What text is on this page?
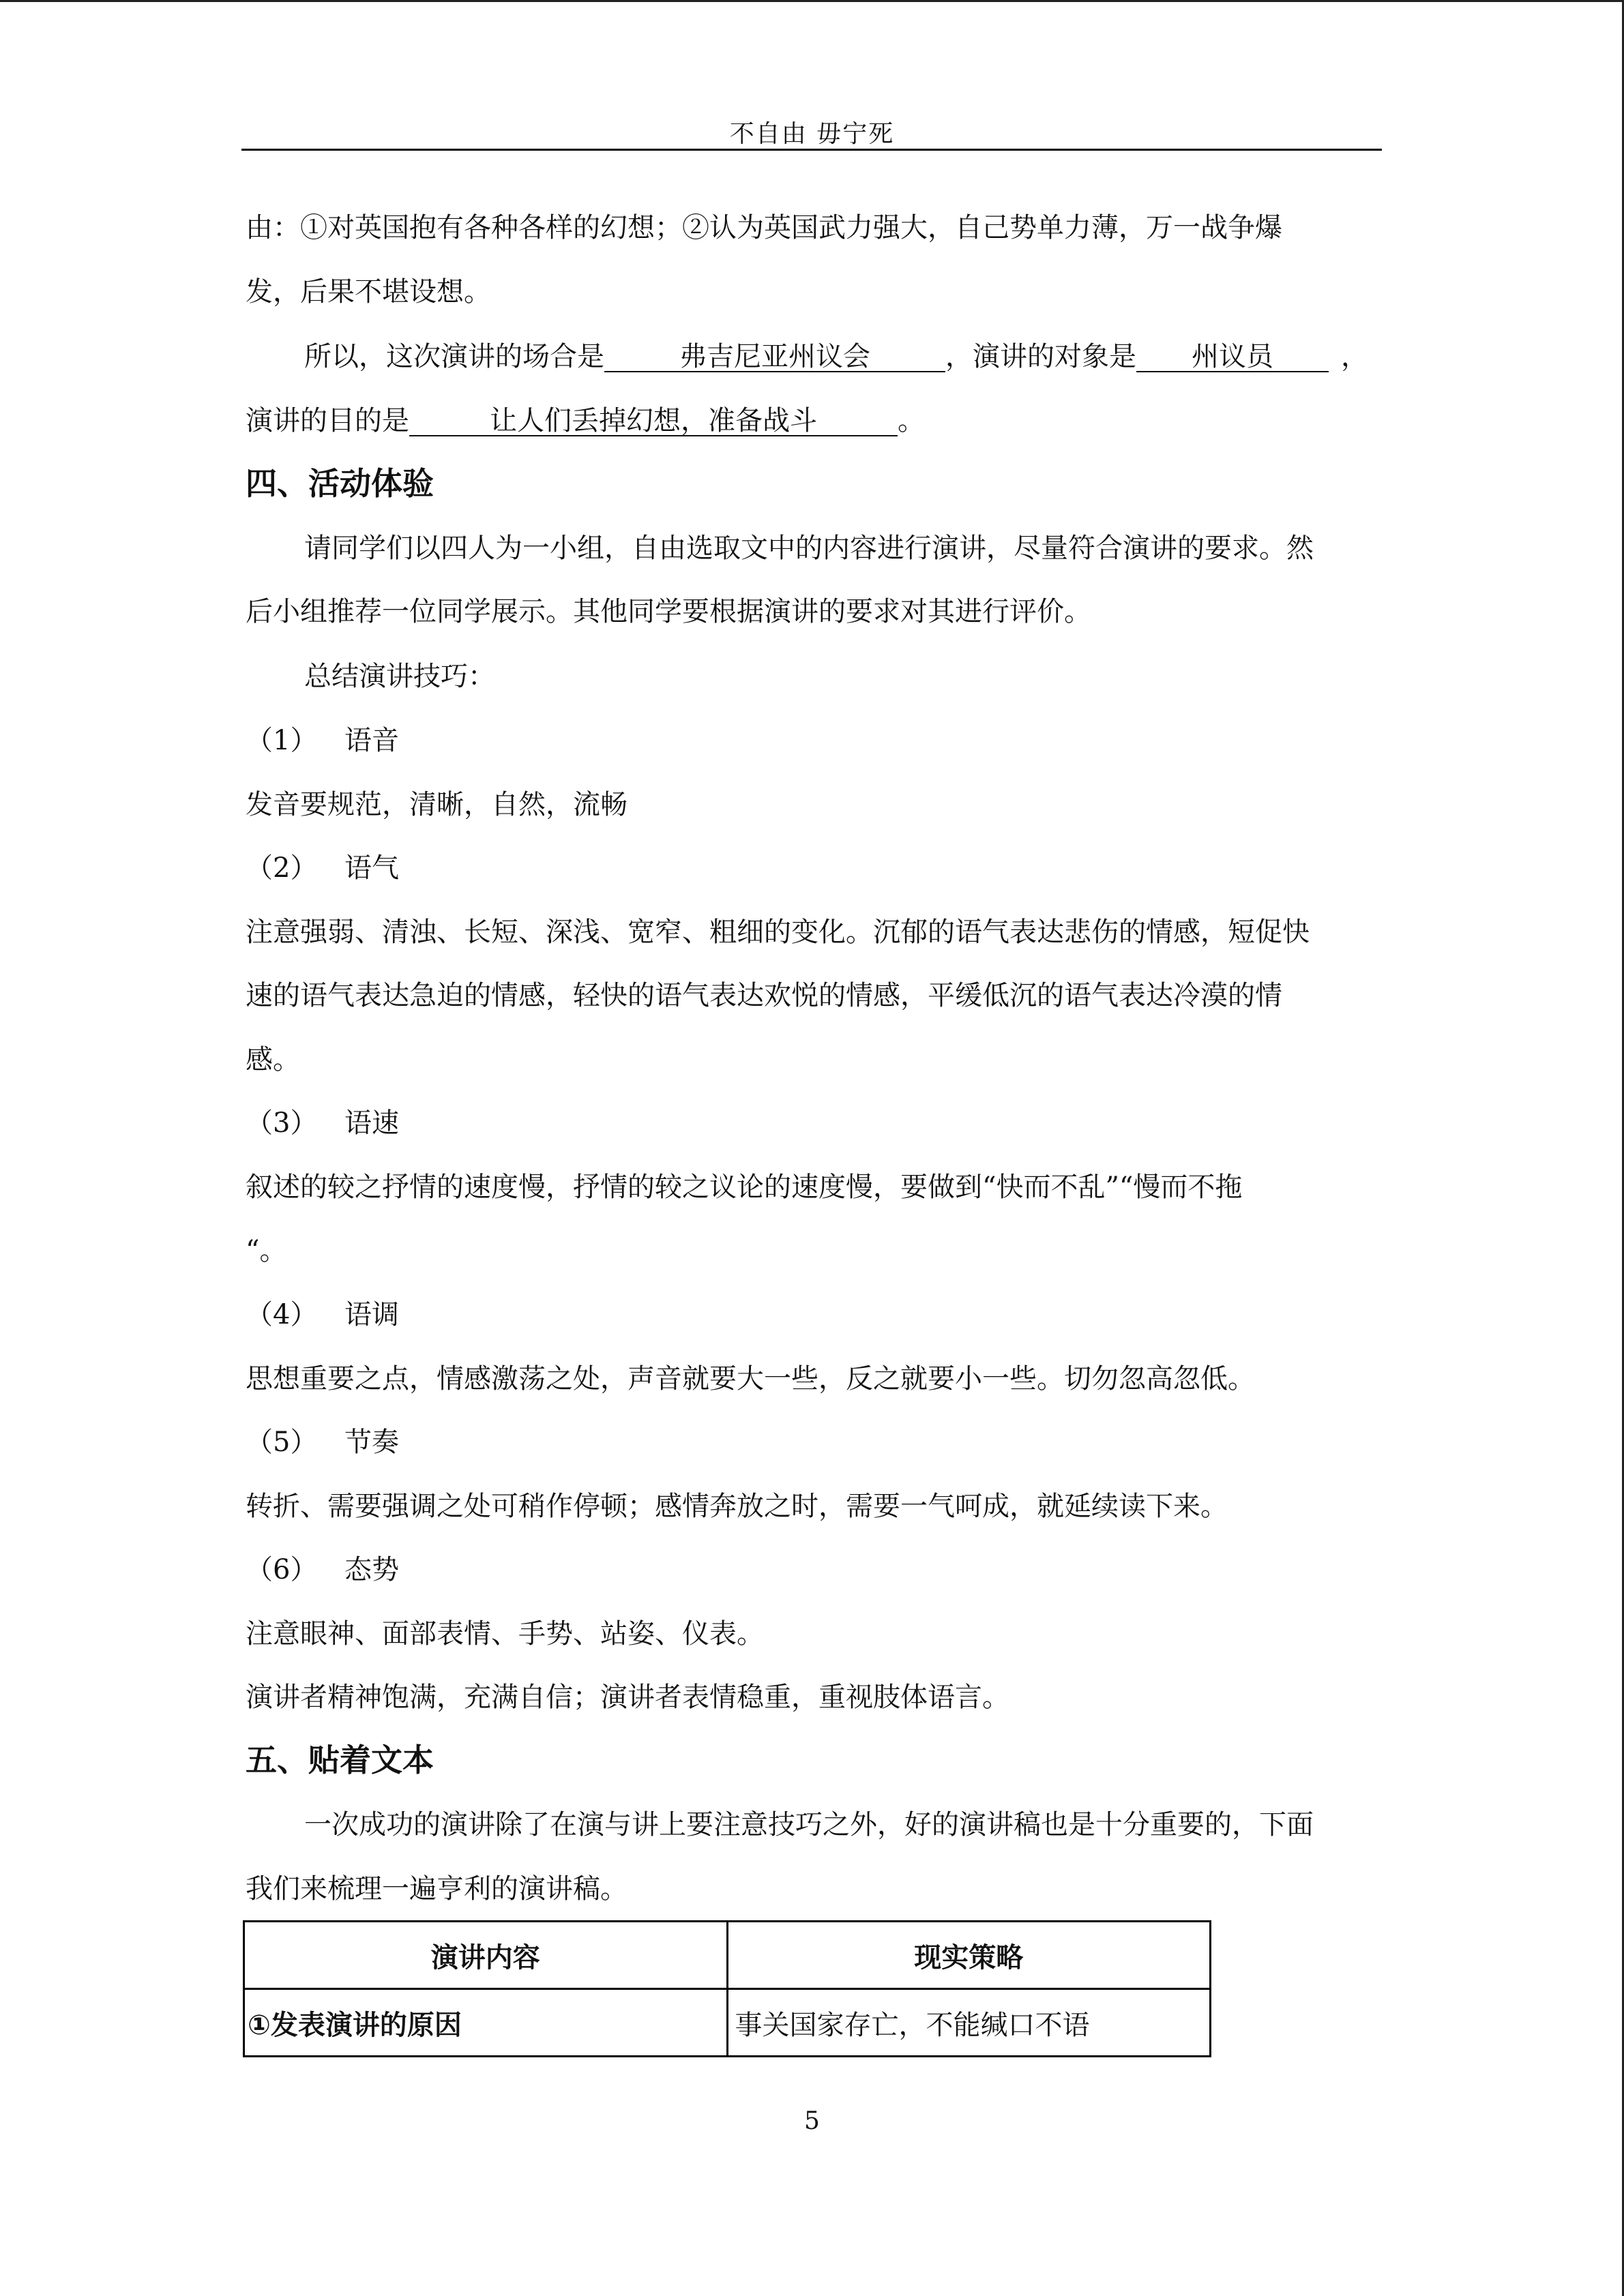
不自由 毋宁死
由：①对英国抱有各种各样的幻想；②认为英国武力强大，自己势单力薄，万一战争爆
发，后果不堪设想。
所以，这次演讲的场合是	弗吉尼亚州议会	，演讲的对象是 州议员 ，
演讲的目的是	让人们丢掉幻想，准备战斗	。
四、活动体验
请同学们以四人为一小组，自由选取文中的内容进行演讲，尽量符合演讲的要求。然
后小组推荐一位同学展示。其他同学要根据演讲的要求对其进行评价。
总结演讲技巧：
（1） 语音
发音要规范，清晰，自然，流畅
（2） 语气
注意强弱、清浊、长短、深浅、宽窄、粗细的变化。沉郁的语气表达悲伤的情感，短促快
速的语气表达急迫的情感，轻快的语气表达欢悦的情感，平缓低沉的语气表达冷漠的情
感。
（3） 语速
叙述的较之抒情的速度慢，抒情的较之议论的速度慢，要做到“快而不乱”“慢而不拖
“。
（4） 语调
思想重要之点，情感激荡之处，声音就要大一些，反之就要小一些。切勿忽高忽低。
（5） 节奏
转折、需要强调之处可稍作停顿；感情奔放之时，需要一气呵成，就延续读下来。
（6） 态势
注意眼神、面部表情、手势、站姿、仪表。
演讲者精神饱满，充满自信；演讲者表情稳重，重视肢体语言。
五、贴着文本
一次成功的演讲除了在演与讲上要注意技巧之外，好的演讲稿也是十分重要的，下面
我们来梳理一遍亨利的演讲稿。
演讲内容	现实策略
①发表演讲的原因	事关国家存亡，不能缄口不语
5
